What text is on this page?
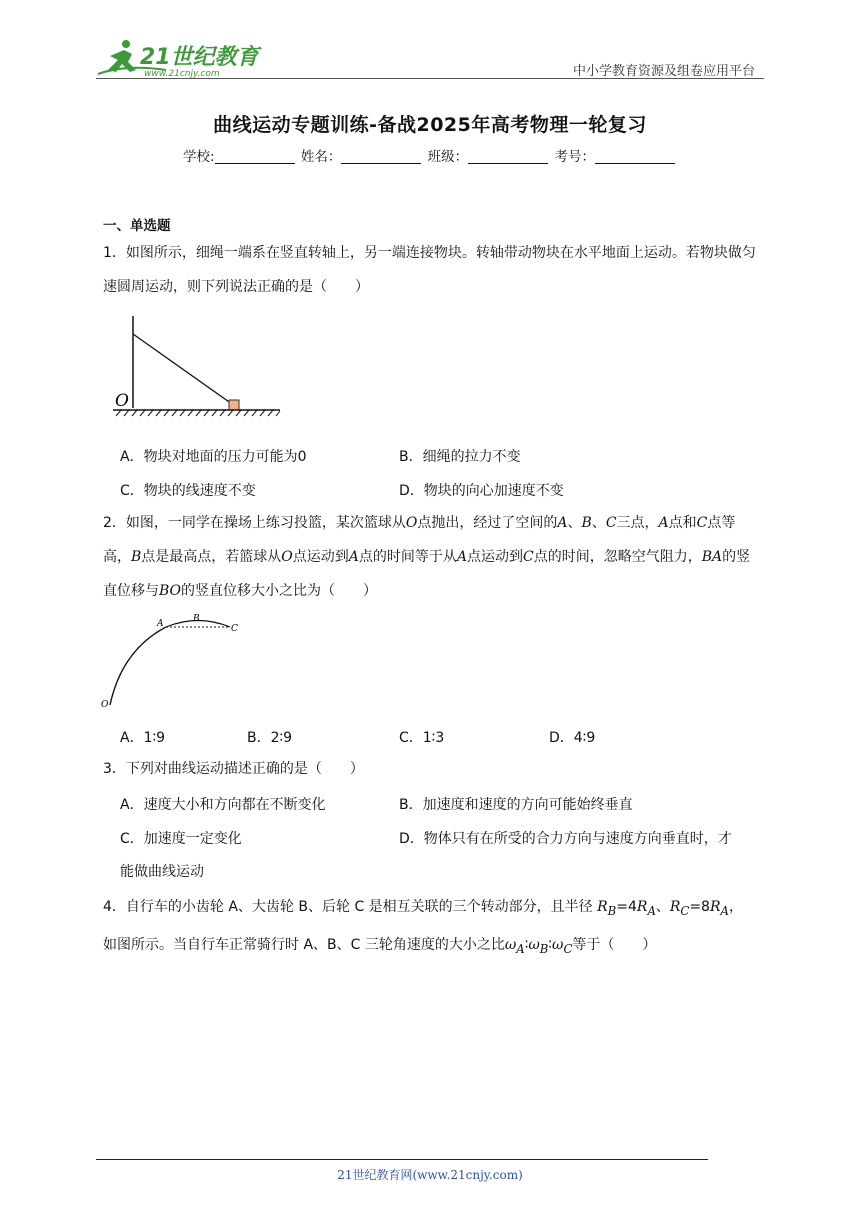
21世纪教育
www.21cnjy.com	中小学教育资源及组卷应用平台
曲线运动专题训练-备战2025年高考物理一轮复习
学校:	姓名：	班级：	考号：
一、单选题
1．如图所示，细绳一端系在竖直转轴上，另一端连接物块。转轴带动物块在水平地面上运动。若物块做匀速圆周运动，则下列说法正确的是（　　）
O
A．物块对地面的压力可能为0	B．细绳的拉力不变
C．物块的线速度不变	D．物块的向心加速度不变
2．如图，一同学在操场上练习投篮，某次篮球从O点抛出，经过了空间的A、B、C三点，A点和C点等高，B点是最高点，若篮球从O点运动到A点的时间等于从A点运动到C点的时间，忽略空气阻力，BA的竖直位移与BO的竖直位移大小之比为（　　）
A	B
C
O
A．1∶9	B．2∶9	C．1∶3	D．4∶9
3．下列对曲线运动描述正确的是（　　）
A．速度大小和方向都在不断变化	B．加速度和速度的方向可能始终垂直
C．加速度一定变化	D．物体只有在所受的合力方向与速度方向垂直时，才
能做曲线运动
4．自行车的小齿轮 A、大齿轮 B、后轮 C 是相互关联的三个转动部分，且半径 $R_B=4R_A$、$R_C=8R_A$，
如图所示。当自行车正常骑行时 A、B、C 三轮角速度的大小之比$\omega_A∶\omega_B∶\omega_C$等于（　　）
21世纪教育网(www.21cnjy.com)
